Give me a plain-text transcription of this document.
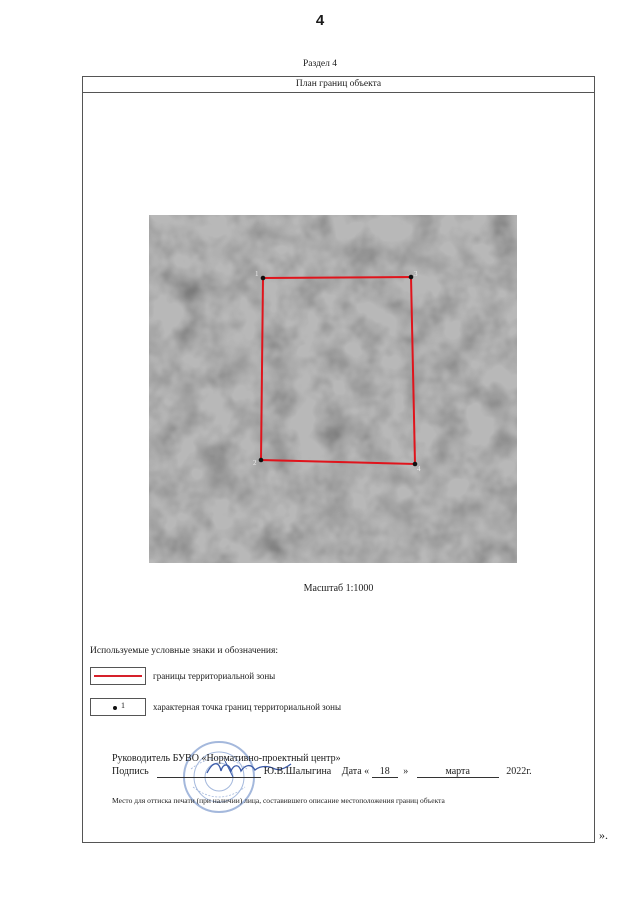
4
Раздел 4
План границ объекта
1	3
2
4
Масштаб 1:1000
Используемые условные знаки и обозначения:
границы территориальной зоны
1	характерная точка границ территориальной зоны
Руководитель БУВО «Нормативно-проектный центр»
Подпись	Ю.В.Шалыгина Дата « 18 »	марта	2022г.
Место для оттиска печати (при наличии) лица, составившего описание местоположения границ объекта
».
